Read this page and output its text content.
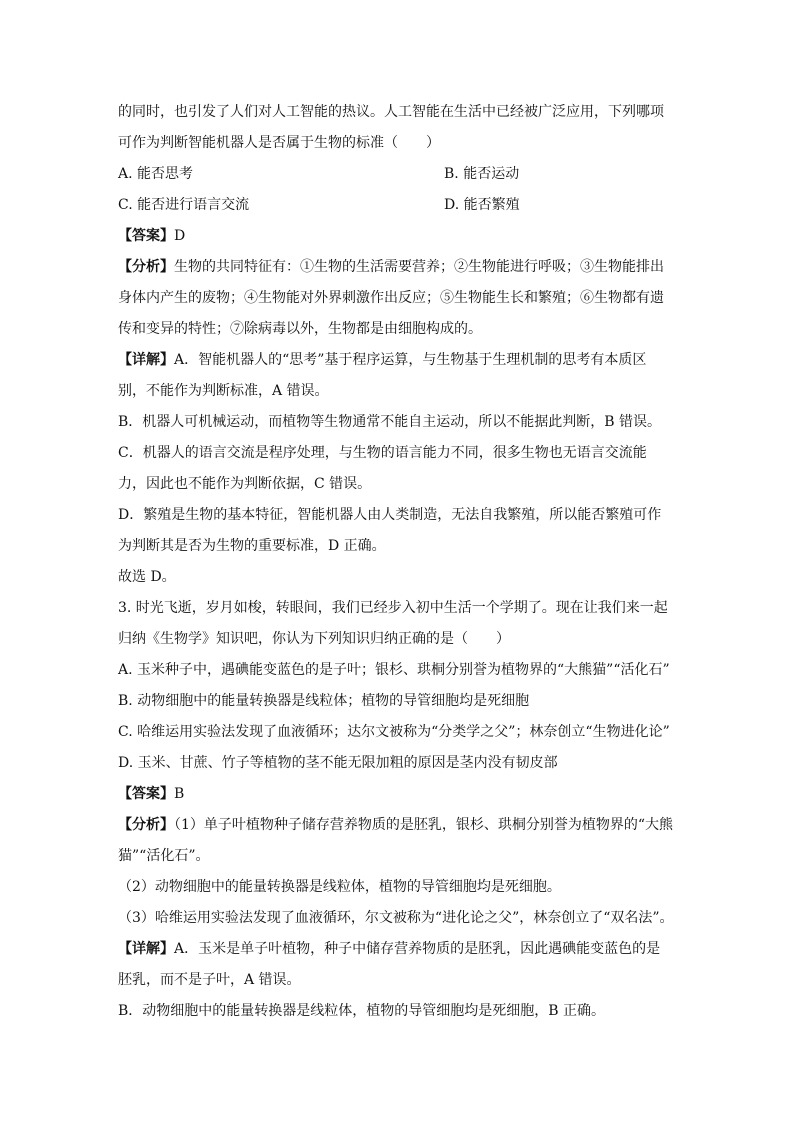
的同时，也引发了人们对人工智能的热议。人工智能在生活中已经被广泛应用，下列哪项
可作为判断智能机器人是否属于生物的标准（　　）
A. 能否思考	B. 能否运动
C. 能否进行语言交流	D. 能否繁殖
【答案】D
【分析】生物的共同特征有：①生物的生活需要营养；②生物能进行呼吸；③生物能排出
身体内产生的废物；④生物能对外界刺激作出反应；⑤生物能生长和繁殖；⑥生物都有遗
传和变异的特性；⑦除病毒以外，生物都是由细胞构成的。
【详解】A．智能机器人的“思考”基于程序运算，与生物基于生理机制的思考有本质区
别，不能作为判断标准，A 错误。
B．机器人可机械运动，而植物等生物通常不能自主运动，所以不能据此判断，B 错误。
C．机器人的语言交流是程序处理，与生物的语言能力不同，很多生物也无语言交流能
力，因此也不能作为判断依据，C 错误。
D．繁殖是生物的基本特征，智能机器人由人类制造，无法自我繁殖，所以能否繁殖可作
为判断其是否为生物的重要标准，D 正确。
故选 D。
3. 时光飞逝，岁月如梭，转眼间，我们已经步入初中生活一个学期了。现在让我们来一起
归纳《生物学》知识吧，你认为下列知识归纳正确的是（　　）
A. 玉米种子中，遇碘能变蓝色的是子叶；银杉、珙桐分别誉为植物界的“大熊猫”“活化石”
B. 动物细胞中的能量转换器是线粒体；植物的导管细胞均是死细胞
C. 哈维运用实验法发现了血液循环；达尔文被称为“分类学之父”；林奈创立“生物进化论”
D. 玉米、甘蔗、竹子等植物的茎不能无限加粗的原因是茎内没有韧皮部
【答案】B
【分析】（1）单子叶植物种子储存营养物质的是胚乳，银杉、珙桐分别誉为植物界的“大熊
猫”“活化石”。
（2）动物细胞中的能量转换器是线粒体，植物的导管细胞均是死细胞。
（3）哈维运用实验法发现了血液循环，尔文被称为“进化论之父”，林奈创立了“双名法”。
【详解】A．玉米是单子叶植物，种子中储存营养物质的是胚乳，因此遇碘能变蓝色的是
胚乳，而不是子叶，A 错误。
B．动物细胞中的能量转换器是线粒体，植物的导管细胞均是死细胞，B 正确。
